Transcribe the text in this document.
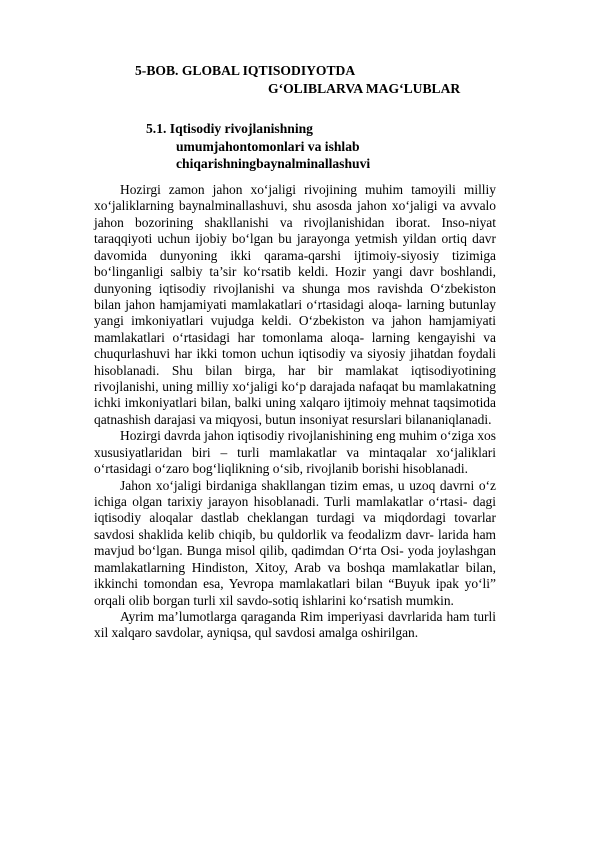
5-BOB. GLOBAL IQTISODIYOTDA
G‘OLIBLARVA MAG‘LUBLAR
5.1. Iqtisodiy rivojlanishning
umumjahontomonlari va ishlab
chiqarishningbaynalminallashuvi

Hozirgi zamon jahon xo‘jaligi rivojining muhim tamoyili milliy xo‘jaliklarning baynalminallashuvi, shu asosda jahon xo‘jaligi va avvalo jahon bozorining shakllanishi va rivojlanishidan iborat. Inso-niyat taraqqiyoti uchun ijobiy bo‘lgan bu jarayonga yetmish yildan ortiq davr davomida dunyoning ikki qarama-qarshi ijtimoiy-siyosiy tizimiga bo‘linganligi salbiy ta’sir ko‘rsatib keldi. Hozir yangi davr boshlandi, dunyoning iqtisodiy rivojlanishi va shunga mos ravishda O‘zbekiston bilan jahon hamjamiyati mamlakatlari o‘rtasidagi aloqa- larning butunlay yangi imkoniyatlari vujudga keldi. O‘zbekiston va jahon hamjamiyati mamlakatlari o‘rtasidagi har tomonlama aloqa- larning kengayishi va chuqurlashuvi har ikki tomon uchun iqtisodiy va siyosiy jihatdan foydali hisoblanadi. Shu bilan birga, har bir mamlakat iqtisodiyotining rivojlanishi, uning milliy xo‘jaligi ko‘p darajada nafaqat bu mamlakatning ichki imkoniyatlari bilan, balki uning xalqaro ijtimoiy mehnat taqsimotida qatnashish darajasi va miqyosi, butun insoniyat resurslari bilananiqlanadi.

Hozirgi davrda jahon iqtisodiy rivojlanishining eng muhim o‘ziga xos xususiyatlaridan biri – turli mamlakatlar va mintaqalar xo‘jaliklari o‘rtasidagi o‘zaro bog‘liqlikning o‘sib, rivojlanib borishi hisoblanadi.

Jahon xo‘jaligi birdaniga shakllangan tizim emas, u uzoq davrni o‘z ichiga olgan tarixiy jarayon hisoblanadi. Turli mamlakatlar o‘rtasi- dagi iqtisodiy aloqalar dastlab cheklangan turdagi va miqdordagi tovarlar savdosi shaklida kelib chiqib, bu quldorlik va feodalizm davr- larida ham mavjud bo‘lgan. Bunga misol qilib, qadimdan O‘rta Osi- yoda joylashgan mamlakatlarning Hindiston, Xitoy, Arab va boshqa mamlakatlar bilan, ikkinchi tomondan esa, Yevropa mamlakatlari bilan “Buyuk ipak yo‘li” orqali olib borgan turli xil savdo-sotiq ishlarini ko‘rsatish mumkin.

Ayrim ma’lumotlarga qaraganda Rim imperiyasi davrlarida ham turli xil xalqaro savdolar, ayniqsa, qul savdosi amalga oshirilgan.
